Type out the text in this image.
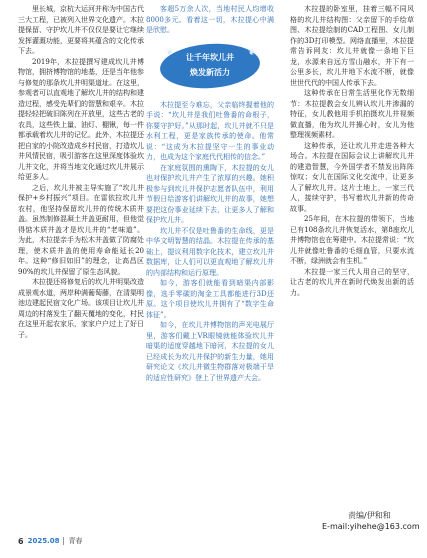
里长城，京杭大运河并称为中国古代三大工程，已被列入世界文化遗产。木拉提保留、守护坎儿井不仅仅是要让它继续发挥灌溉功能，更要将其蕴含的文化传承下去。

2019年，木拉提撰写建成坎儿井博物馆，拥挤博物馆的地基，还是当年他参与修复的那条坎儿井明渠道址。在这里，参观者可以直观地了解坎儿井的结构和建造过程，感受先辈们的智慧和艰辛。木拉提轻轻把破旧陈列在开放里，这些古老的农具，这些铁上量、油灯、棚锹，每一件都承载着坎儿井的记忆。此外，木拉提还把自家的小院改造成乡村民宿，打造坎儿井风情民宿，吸引游客在这里深度体验坎儿井文化，并将当地文化通过坎儿井展示给更多人。

之后，坎儿井被主导实施了“坎儿井保护+乡村振兴”项目。在雷依拉坎儿井农村，他坚持保留坎儿井的传统木质井盖。虽然制修混凝土井盖更耐用，但他觉得惦木质井盖才是坎儿井的“老味道”。为此，木拉提亲手为松木井盖做了防腐处理，使木质井盖的使用寿命能延长20年。这种“修旧如旧”的理念，让高昌区90%的坎儿井保留了原生态风貌。

木拉提还将修复后的坎儿井明渠改造成景观水道，两岸种满葡萄藤，在清渠明池边建起民宿文化广场。该项目让坎儿井周边的村落发生了翻天覆地的变化，村民在这里开起农家乐，家家户户过上了好日子。

客超5万余人次，当地村民人均增收8000多元。看着这一切，木拉提心中满是欣慰。

❦	❦
让千年坎儿井
焕发新活力

木拉提至今难忘，父亲临终握着他的手说：“坎儿井是我们吐鲁番的命根子，你要守护好。”从那时起，坎儿井就不只是水利工程，更是家族传承的使命。他常说：“这成为木拉提坚守一生的事业动力，也成为这个家庭代代相传的信念。”

在家庭氛围的熏陶下，木拉提的女儿也对保护坎儿井产生了浓厚的兴趣。她积极参与到坎儿井保护志愿者队伍中，利用节假日给游客们讲解坎儿井的故事，她想要把这份事业延续下去，让更多人了解和保护坎儿井。

坎儿井不仅是吐鲁番的生命线，更是中华文明智慧的结晶。木拉提在传承的基础上，提议利用数字化技术，建立坎儿井数据库，让人们可以更直观地了解坎儿井的内部结构和运行原理。

如今，游客们就能看到暗渠内部影像，选手零碳的淘金工具都能进行3D还原。这个项目使坎儿井拥有了“数字生命体征”。

如今，在坎儿井博物馆的声光电展厅里，游客们戴上VR眼镜就能体验坎儿井暗渠的适度穿越地下暗河，木拉提的女儿已经成长为坎儿井保护的新生力量，她用研究论文《坎儿井微生物群落对极端干旱的适应性研究》登上了世界遗产大会。

木拉提的卧室里，挂着三幅不同风格的坎儿井结构图：父亲留下的手绘草图、木拉提绘制的CAD工程图、女儿制作的3D打印模型。网络直播里，木拉提常告诉网友：坎儿井就像一条地下巨龙，水源来自远方雪山融水，井下有一公里多长，坎儿井地下水流不断，就像世世代代的中国人传承下去。

这种传承在日常生活里化作无数细节：木拉提教会女儿辨认坎儿井渗漏的特征，女儿教他用手机拍摄坎儿井视频做直播，他为坎儿井操心时，女儿为他整理视频素材。

这种传承，还让坎儿井走进各种大场合。木拉提在国际会议上讲解坎儿井的建造智慧，今外国学者不禁发出阵阵惊叹；女儿在国际文化交流中，让更多人了解坎儿井。这片土地上，一家三代人，接续守护，书写着坎儿井新的传奇故事。

25年间，在木拉提的带领下，当地已有108条坎儿井恢复活水，第8座坎儿井博物馆也在筹建中。木拉提常说：“坎儿井就像吐鲁番的毛细血管，只要水流不断，绿洲就会有生机。”

木拉提一家三代人用自己的坚守，让古老的坎儿井在新时代焕发出新的活力。

责编/伊和和
E-mail:yihehe@163.com
6 2025.08 青春
